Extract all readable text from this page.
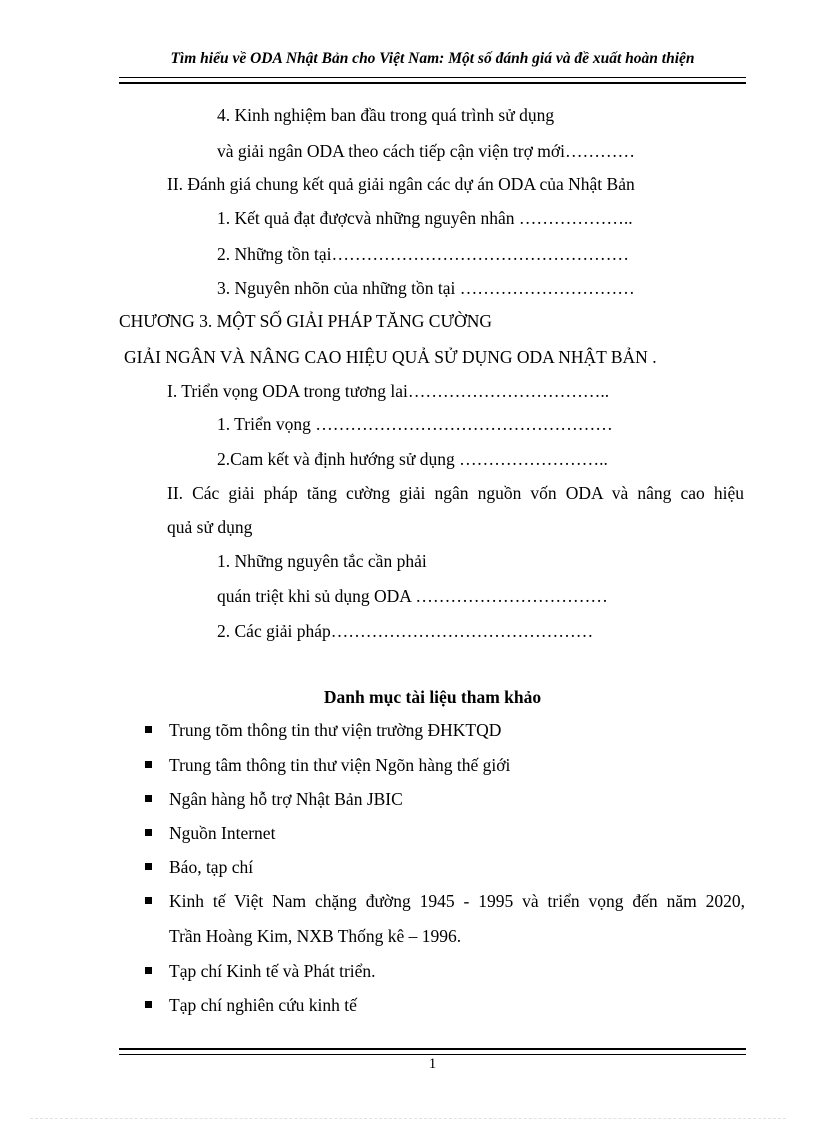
Tìm hiểu về ODA Nhật Bản cho Việt Nam: Một số đánh giá và đề xuất hoàn thiện
4. Kinh nghiệm ban đầu trong quá trình sử dụng
và giải ngân ODA theo cách tiếp cận viện trợ mới…………
II. Đánh giá chung kết quả giải ngân các dự án ODA của Nhật Bản
1. Kết quả đạt đượcvà những nguyên nhân ………………..
2. Những tồn tại……………………………………………
3. Nguyên nhõn của những tồn tại …………………………
CHƯƠNG 3. MỘT SỐ GIẢI PHÁP TĂNG CƯỜNG
GIẢI NGÂN VÀ NÂNG CAO HIỆU QUẢ SỬ DỤNG ODA NHẬT BẢN .
I. Triển vọng ODA trong tương lai……………………………..
1. Triển vọng ……………………………………………
2.Cam kết và định hướng sử dụng ……………………..
II. Các giải pháp tăng cường giải ngân nguồn vốn ODA và nâng cao hiệu
quả sử dụng
1. Những nguyên tắc cần phải
quán triệt khi sủ dụng ODA ……………………………
2. Các giải pháp………………………………………
Danh mục tài liệu tham khảo
Trung tõm thông tin thư viện trường ĐHKTQD
Trung tâm thông tin thư viện Ngõn hàng thế giới
Ngân hàng hỗ trợ Nhật Bản JBIC
Nguồn Internet
Báo, tạp chí
Kinh tế Việt Nam chặng đường 1945 - 1995 và triển vọng đến năm 2020,
Trần Hoàng Kim, NXB Thống kê – 1996.
Tạp chí Kinh tế và Phát triển.
Tạp chí nghiên cứu kinh tế
1
